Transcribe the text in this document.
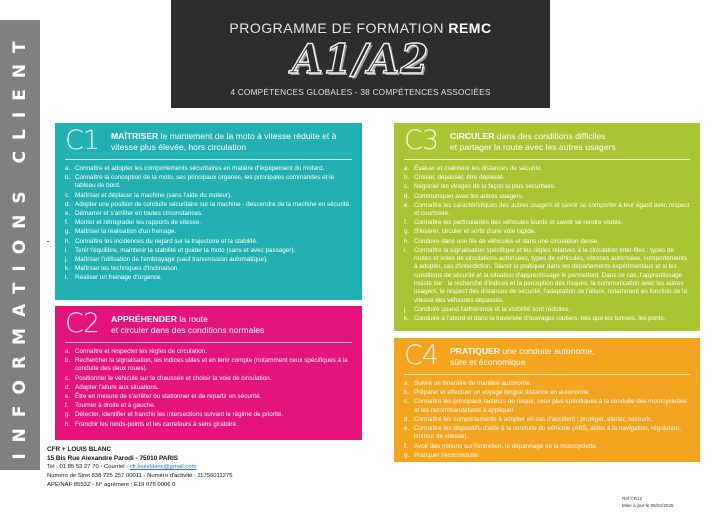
INFORMATIONS CLIENT
PROGRAMME DE FORMATION REMC
A1/A2
4 COMPÉTENCES GLOBALES - 38 COMPÉTENCES ASSOCIÉES
C1	MAÎTRISER le maniement de la moto à vitesse réduite et à vitesse plus élevée, hors circulation
a. Connaître et adopter les comportements sécuritaires en matière d'équipement du motard.
b. Connaître la conception de la moto, ses principaux organes, les principales commandes et le tableau de bord.
c. Maîtriser et déplacer la machine (sans l'aide du moteur).
d. Adopter une position de conduite sécuritaire sur la machine - descendre de la machine en sécurité.
e. Démarrer et s'arrêter en toutes circonstances.
f.	Monter et rétrograder les rapports de vitesse.
g. Maîtriser la réalisation d'un freinage.
h. Connaître les incidences du regard sur la trajectoire et la stabilité.
i.	Tenir l'équilibre, maintenir la stabilité et guider la moto (sans et avec passager).
j.	Maîtriser l'utilisation de l'embrayage (sauf transmission automatique).
k. Maîtriser les techniques d'inclinaison.
l.	Réaliser un freinage d'urgence.
C2	APPRÉHENDER la route
et circuler dans des conditions normales
a. Connaître et respecter les règles de circulation.
b. Rechercher la signalisation, les indices utiles et en tenir compte (notamment ceux spécifiques à la conduite des deux roues).
c. Positionner le véhicule sur la chaussée et choisir la voie de circulation.
d. Adapter l'allure aux situations.
e. Être en mesure de s'arrêter ou stationner et de repartir en sécurité.
f.	Tourner à droite et à gauche.
g. Détecter, identifier et franchir les intersections suivant le régime de priorité.
h. Franchir les ronds-points et les carrefours à sens giratoire.
C3	CIRCULER dans des conditions difficiles
et partager la route avec les autres usagers
a. Évaluer et maintenir les distances de sécurité.
b. Croiser, dépasser, être dépassé.
c. Négocier les virages de la façon la plus sécuritaire.
d. Communiquer avec les autres usagers.
e. Connaître les caractéristiques des autres usagers et savoir se comporter à leur égard avec respect et courtoisie.
f.	Connaître les particularités des véhicules lourds et savoir se rendre visible.
g. S'insérer, circuler et sortir d'une voie rapide.
h. Conduire dans une file de véhicules et dans une circulation dense.
i.	Connaître la signalisation spécifique et les règles relatives à la circulation inter-files : types de routes et voies de circulations autorisées, types de véhicules, vitesses autorisées, comportements à adopter, cas d'interdiction. Savoir la pratiquer dans les départements expérimentaux et si les conditions de sécurité et la situation d'apprentissage le permettent. Dans ce cas, l'apprentissage insiste sur : la recherche d'indices et la perception des risques, la communication avec les autres usagers, le respect des distances de sécurité, l'adaptation de l'allure, notamment en fonction de la vitesse des véhicules dépassés.
j.	Conduire quand l'adhérence et la visibilité sont réduites.
k. Conduire à l'abord et dans la traversée d'ouvrages routiers, tels que les tunnels, les ponts.
C4	PRATIQUER une conduite autonome,
sûre et économique
a. Suivre un itinéraire de manière autonome.
b. Préparer et effectuer un voyage longue distance en autonomie.
c. Connaître les principaux facteurs de risque, ceux plus spécifiques à la conduite des motocyclettes et les recommandations à appliquer.
d. Connaître les comportements à adopter en cas d'accident : protéger, alerter, secourir.
e. Connaître les dispositifs d'aide à la conduite du véhicule (ABS, aides à la navigation, régulateur, limiteur de vitesse).
f.	Avoir des notions sur l'entretien, le dépannage de la motocyclette.
g. Pratiquer l'écoconduite.
CFR + LOUIS BLANC
15 Bis Rue Alexandre Parodi - 75010 PARIS
Tel : 01 85 53 27 70 - Courriel : cfr.louisblanc@gmail.com
Numéro de Siret 838 725 257 00011 - Numéro d'activité : 11756011275
APE/NAF 8553Z - N° agrément : E19 075 0006 0
Ref CR12
Mise à jour le 05/02/2025
